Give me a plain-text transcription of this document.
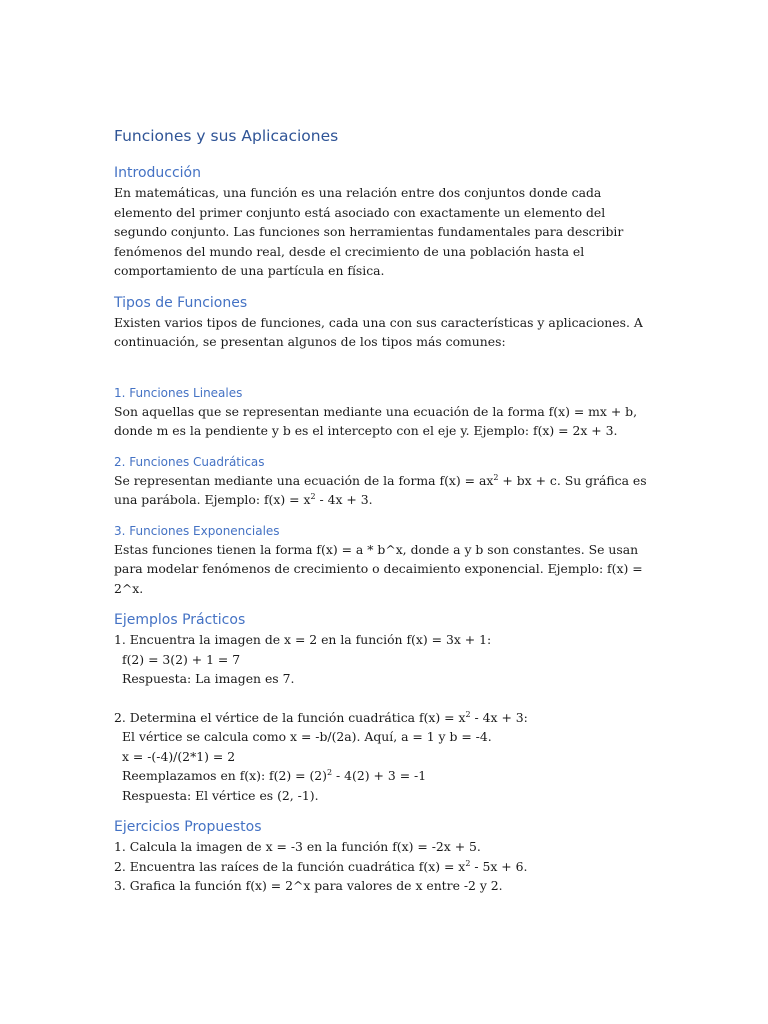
Funciones y sus Aplicaciones
Introducción

En matemáticas, una función es una relación entre dos conjuntos donde cada elemento del primer conjunto está asociado con exactamente un elemento del segundo conjunto. Las funciones son herramientas fundamentales para describir fenómenos del mundo real, desde el crecimiento de una población hasta el comportamiento de una partícula en física.

Tipos de Funciones

Existen varios tipos de funciones, cada una con sus características y aplicaciones. A continuación, se presentan algunos de los tipos más comunes:

1. Funciones Lineales

Son aquellas que se representan mediante una ecuación de la forma f(x) = mx + b, donde m es la pendiente y b es el intercepto con el eje y. Ejemplo: f(x) = 2x + 3.

2. Funciones Cuadráticas

Se representan mediante una ecuación de la forma $f(x) = ax^2$ + bx + c. Su gráfica es una parábola. Ejemplo: $f(x) = x^2 - 4x + 3$.

3. Funciones Exponenciales

Estas funciones tienen la forma f(x) = a * b^x, donde a y b son constantes. Se usan para modelar fenómenos de crecimiento o decaimiento exponencial. Ejemplo: f(x) = 2^x.

Ejemplos Prácticos
1. Encuentra la imagen de x = 2 en la función f(x) = 3x + 1:
f(2) = 3(2) + 1 = 7
Respuesta: La imagen es 7.
2. Determina el vértice de la función cuadrática $f(x) = x^2 - 4x + 3$:
El vértice se calcula como x = -b/(2a). Aquí, a = 1 y b = -4.
x = -(-4)/(2*1) = 2
Reemplazamos en f(x): $f(2) = (2)^2 - 4(2) + 3 = -1$
Respuesta: El vértice es (2, -1).
Ejercicios Propuestos
1. Calcula la imagen de x = -3 en la función f(x) = -2x + 5.
2. Encuentra las raíces de la función cuadrática $f(x) = x^2 - 5x + 6$.
3. Grafica la función f(x) = 2^x para valores de x entre -2 y 2.
